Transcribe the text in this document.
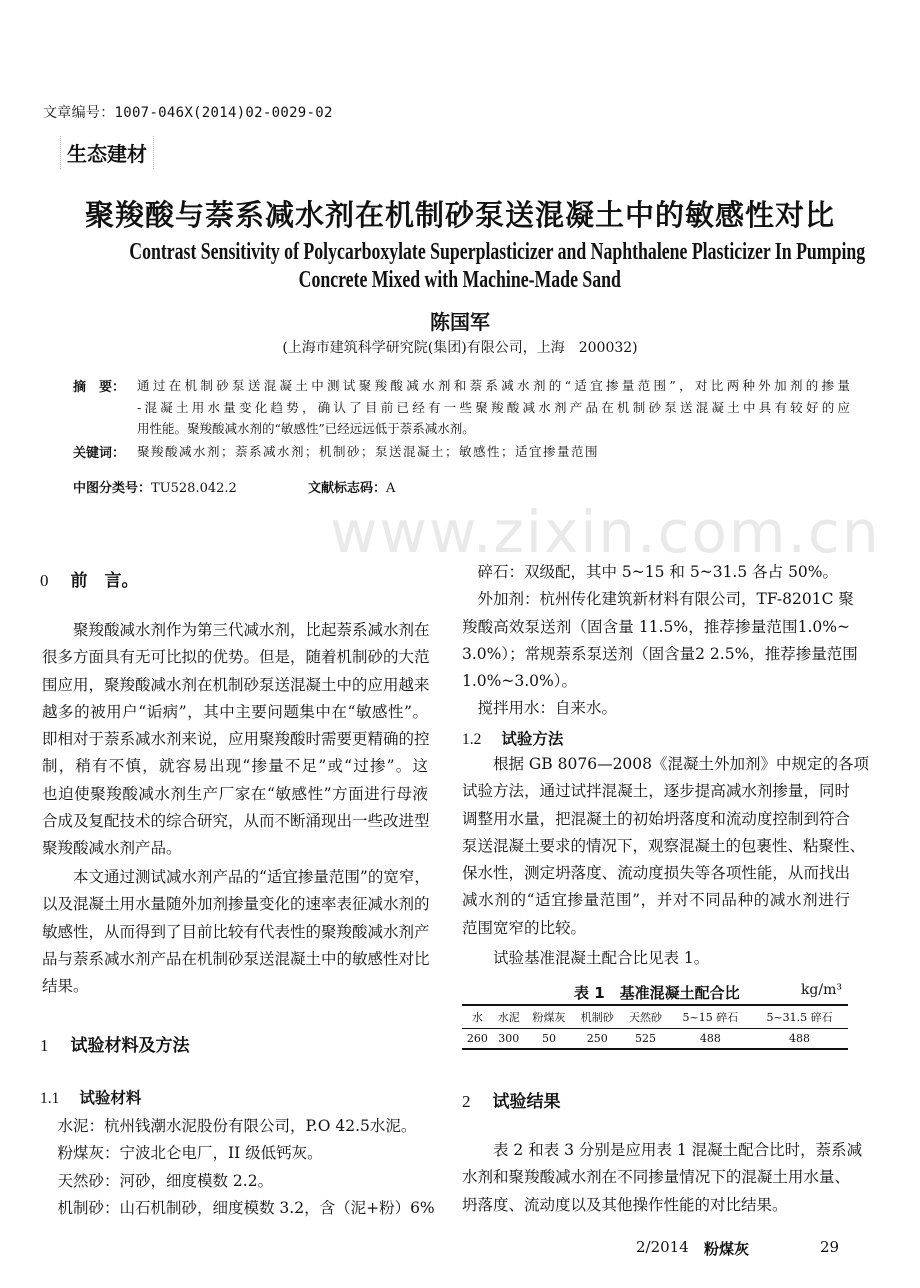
www.zixin.com.cn
文章编号：1007-046X(2014)02-0029-02
生态建材
聚羧酸与萘系减水剂在机制砂泵送混凝土中的敏感性对比
Contrast Sensitivity of Polycarboxylate Superplasticizer and Naphthalene Plasticizer In Pumping
Concrete Mixed with Machine-Made Sand
陈国军
(上海市建筑科学研究院(集团)有限公司，上海　200032)
摘　要： 通过在机制砂泵送混凝土中测试聚羧酸减水剂和萘系减水剂的“适宜掺量范围”，对比两种外加剂的掺量
-混凝土用水量变化趋势，确认了目前已经有一些聚羧酸减水剂产品在机制砂泵送混凝土中具有较好的应
用性能。聚羧酸减水剂的“敏感性”已经远远低于萘系减水剂。
关键词： 聚羧酸减水剂；萘系减水剂；机制砂；泵送混凝土；敏感性；适宜掺量范围
中图分类号：TU528.042.2	文献标志码：A
0 前　言。
　　聚羧酸减水剂作为第三代减水剂，比起萘系减水剂在
很多方面具有无可比拟的优势。但是，随着机制砂的大范
围应用，聚羧酸减水剂在机制砂泵送混凝土中的应用越来
越多的被用户“诟病”，其中主要问题集中在“敏感性”。
即相对于萘系减水剂来说，应用聚羧酸时需要更精确的控
制，稍有不慎，就容易出现“掺量不足”或“过掺”。这
也迫使聚羧酸减水剂生产厂家在“敏感性”方面进行母液
合成及复配技术的综合研究，从而不断涌现出一些改进型
聚羧酸减水剂产品。
　　本文通过测试减水剂产品的“适宜掺量范围”的宽窄，
以及混凝土用水量随外加剂掺量变化的速率表征减水剂的
敏感性，从而得到了目前比较有代表性的聚羧酸减水剂产
品与萘系减水剂产品在机制砂泵送混凝土中的敏感性对比
结果。
1 试验材料及方法
1.1 试验材料
　水泥：杭州钱潮水泥股份有限公司，P.O 42.5水泥。
　粉煤灰：宁波北仑电厂，II 级低钙灰。
　天然砂：河砂，细度模数 2.2。
　机制砂：山石机制砂，细度模数 3.2，含（泥+粉）6%
　碎石：双级配，其中 5~15 和 5~31.5 各占 50%。
　外加剂：杭州传化建筑新材料有限公司，TF-8201C 聚
羧酸高效泵送剂（固含量 11.5%，推荐掺量范围1.0%~
3.0%）；常规萘系泵送剂（固含量2 2.5%，推荐掺量范围
1.0%~3.0%）。
　搅拌用水：自来水。
1.2 试验方法
　　根据 GB 8076—2008《混凝土外加剂》中规定的各项
试验方法，通过试拌混凝土，逐步提高减水剂掺量，同时
调整用水量，把混凝土的初始坍落度和流动度控制到符合
泵送混凝土要求的情况下，观察混凝土的包裹性、粘聚性、
保水性，测定坍落度、流动度损失等各项性能，从而找出
减水剂的“适宜掺量范围”，并对不同品种的减水剂进行
范围宽窄的比较。
　　试验基准混凝土配合比见表 1。
表 1　基准混凝土配合比	kg/m³
水	水泥	粉煤灰	机制砂	天然砂	5~15 碎石	5~31.5 碎石
260	300	50	250	525	488	488
2 试验结果
　　表 2 和表 3 分别是应用表 1 混凝土配合比时，萘系减
水剂和聚羧酸减水剂在不同掺量情况下的混凝土用水量、
坍落度、流动度以及其他操作性能的对比结果。
2/2014 粉煤灰	29
